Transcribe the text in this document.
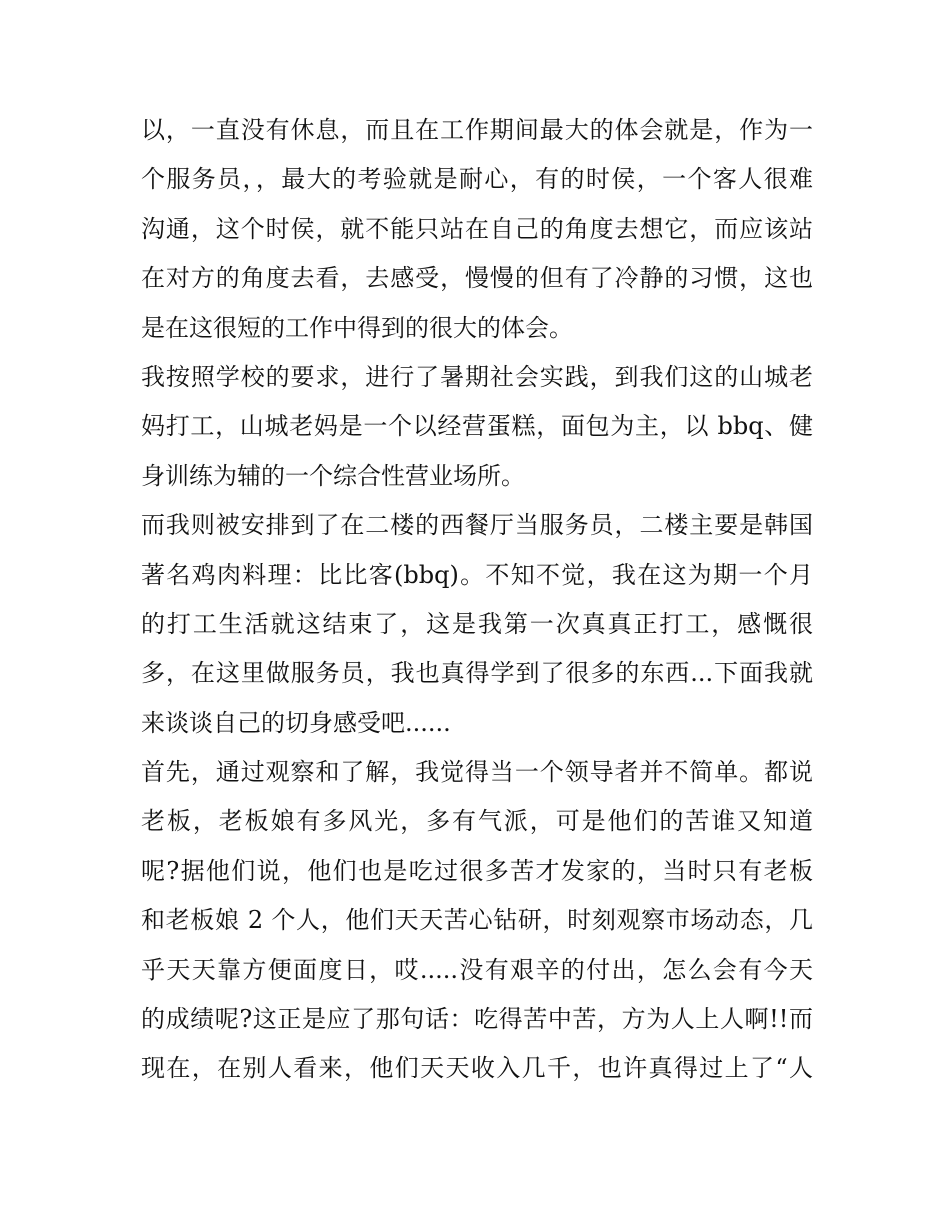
以，一直没有休息，而且在工作期间最大的体会就是，作为一
个服务员，，最大的考验就是耐心，有的时侯，一个客人很难
沟通，这个时侯，就不能只站在自己的角度去想它，而应该站
在对方的角度去看，去感受，慢慢的但有了冷静的习惯，这也
是在这很短的工作中得到的很大的体会。
我按照学校的要求，进行了暑期社会实践，到我们这的山城老
妈打工，山城老妈是一个以经营蛋糕，面包为主，以 bbq、健
身训练为辅的一个综合性营业场所。
而我则被安排到了在二楼的西餐厅当服务员，二楼主要是韩国
著名鸡肉料理：比比客(bbq)。不知不觉，我在这为期一个月
的打工生活就这结束了，这是我第一次真真正打工，感慨很
多，在这里做服务员，我也真得学到了很多的东西...下面我就
来谈谈自己的切身感受吧......
首先，通过观察和了解，我觉得当一个领导者并不简单。都说
老板，老板娘有多风光，多有气派，可是他们的苦谁又知道
呢?据他们说，他们也是吃过很多苦才发家的，当时只有老板
和老板娘 2 个人，他们天天苦心钻研，时刻观察市场动态，几
乎天天靠方便面度日，哎.....没有艰辛的付出，怎么会有今天
的成绩呢?这正是应了那句话：吃得苦中苦，方为人上人啊!!而
现在，在别人看来，他们天天收入几千，也许真得过上了“人
